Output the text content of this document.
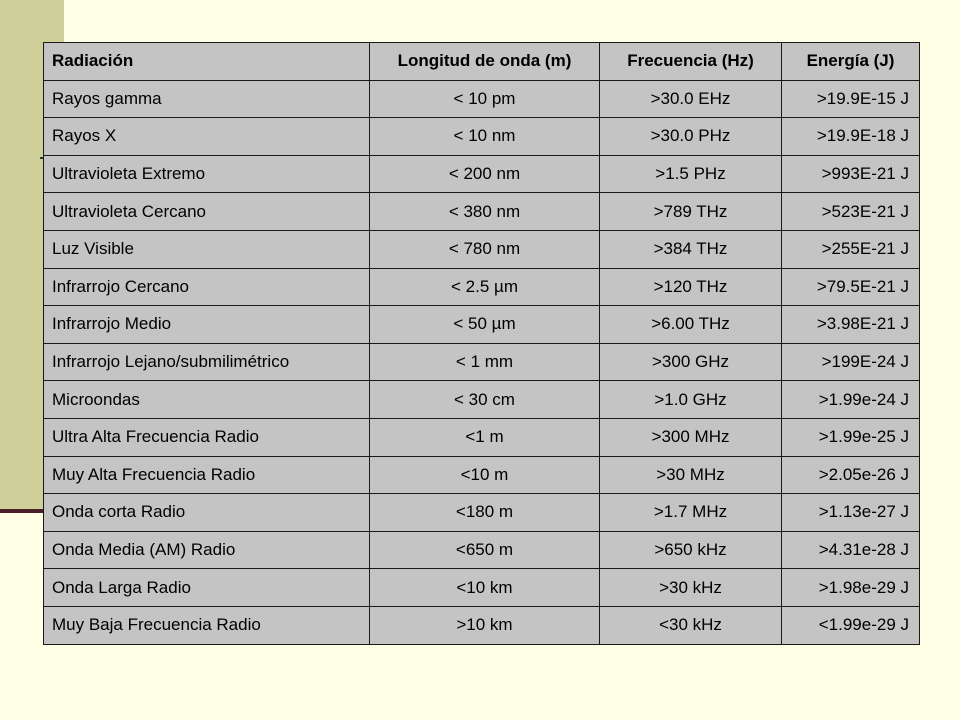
Radiación	Longitud de onda (m)	Frecuencia (Hz)	Energía (J)
Rayos gamma	< 10 pm	>30.0 EHz	>19.9E-15 J
Rayos X	< 10 nm	>30.0 PHz	>19.9E-18 J
Ultravioleta Extremo	< 200 nm	>1.5 PHz	>993E-21 J
Ultravioleta Cercano	< 380 nm	>789 THz	>523E-21 J
Luz Visible	< 780 nm	>384 THz	>255E-21 J
Infrarrojo Cercano	< 2.5 µm	>120 THz	>79.5E-21 J
Infrarrojo Medio	< 50 µm	>6.00 THz	>3.98E-21 J
Infrarrojo Lejano/submilimétrico	< 1 mm	>300 GHz	>199E-24 J
Microondas	< 30 cm	>1.0 GHz	>1.99e-24 J
Ultra Alta Frecuencia Radio	<1 m	>300 MHz	>1.99e-25 J
Muy Alta Frecuencia Radio	<10 m	>30 MHz	>2.05e-26 J
Onda corta Radio	<180 m	>1.7 MHz	>1.13e-27 J
Onda Media (AM) Radio	<650 m	>650 kHz	>4.31e-28 J
Onda Larga Radio	<10 km	>30 kHz	>1.98e-29 J
Muy Baja Frecuencia Radio	>10 km	<30 kHz	<1.99e-29 J
